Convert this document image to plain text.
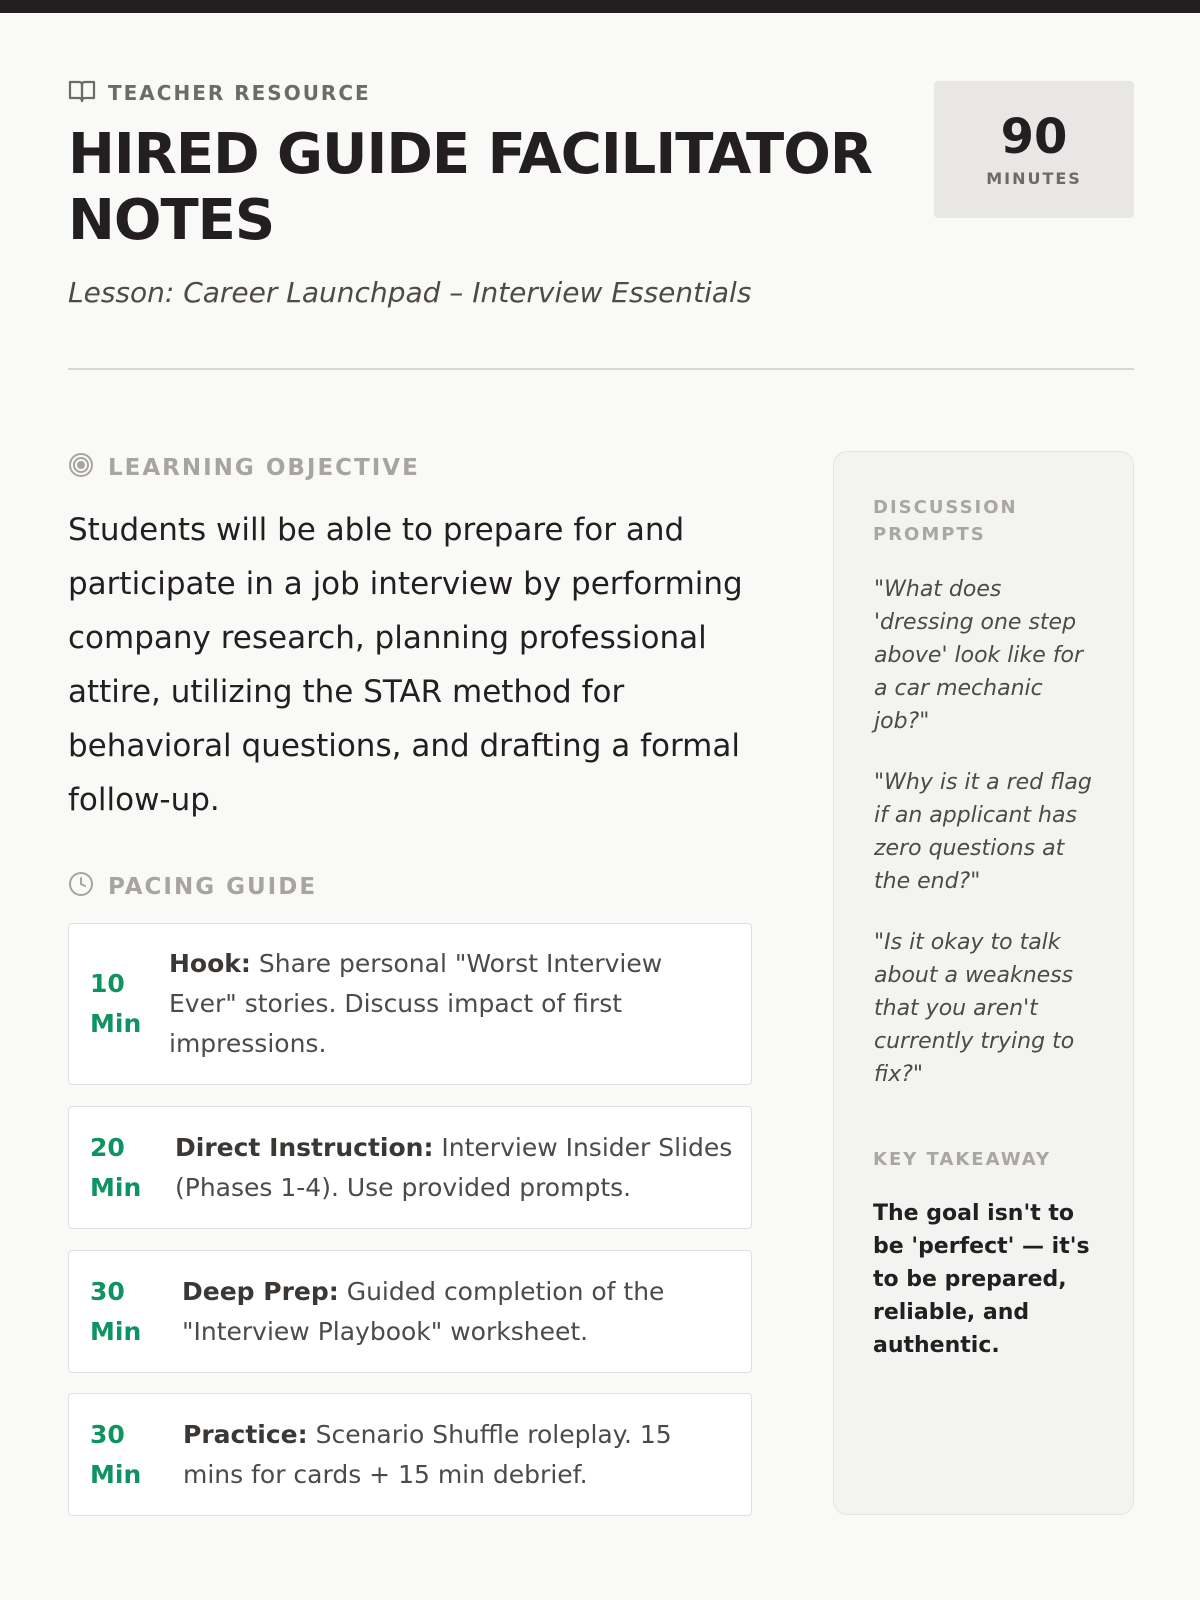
TEACHER RESOURCE
HIRED GUIDE FACILITATOR NOTES
Lesson: Career Launchpad – Interview Essentials
90
MINUTES
LEARNING OBJECTIVE

Students will be able to prepare for and participate in a job interview by performing company research, planning professional attire, utilizing the STAR method for behavioral questions, and drafting a formal follow-up.

PACING GUIDE
10
Min
Hook: Share personal "Worst Interview Ever" stories. Discuss impact of first impressions.
20
Min
Direct Instruction: Interview Insider Slides (Phases 1-4). Use provided prompts.
30
Min
Deep Prep: Guided completion of the "Interview Playbook" worksheet.
30
Min
Practice: Scenario Shuffle roleplay. 15 mins for cards + 15 min debrief.
DISCUSSION PROMPTS

"What does 'dressing one step above' look like for a car mechanic job?"

"Why is it a red flag if an applicant has zero questions at the end?"

"Is it okay to talk about a weakness that you aren't currently trying to fix?"

KEY TAKEAWAY

The goal isn't to be 'perfect' — it's to be prepared, reliable, and authentic.
